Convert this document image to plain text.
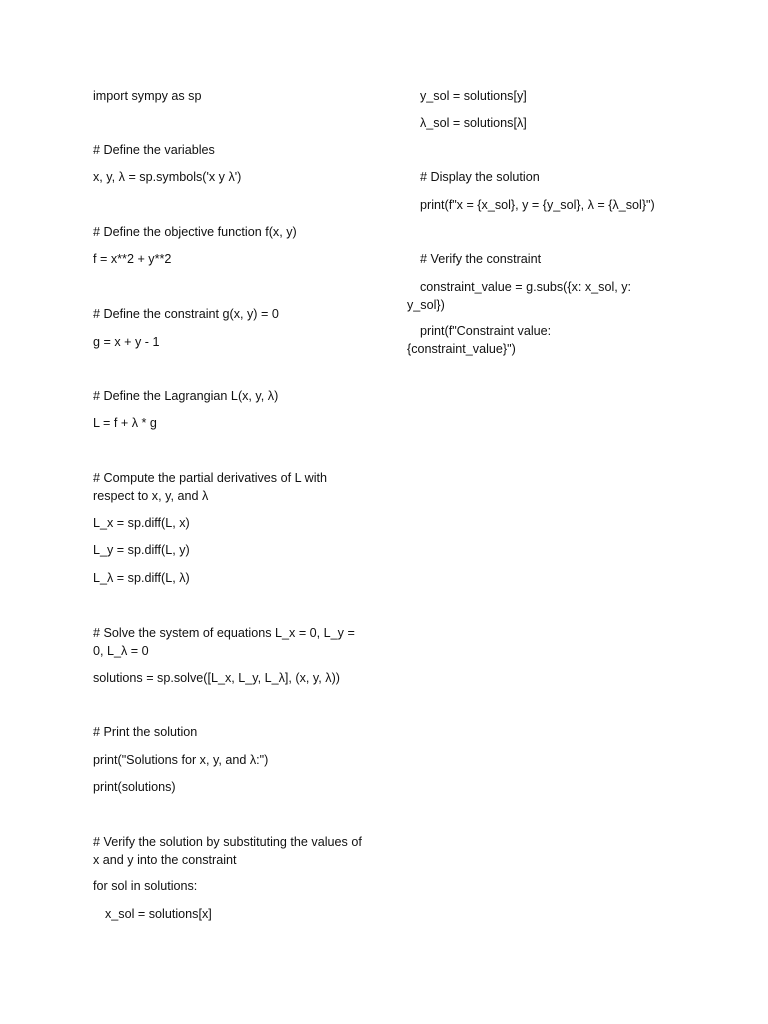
import sympy as sp

# Define the variables

x, y, λ = sp.symbols('x y λ')

# Define the objective function f(x, y)

f = x**2 + y**2

# Define the constraint g(x, y) = 0

g = x + y - 1

# Define the Lagrangian L(x, y, λ)

L = f + λ * g

# Compute the partial derivatives of L with respect to x, y, and λ

L_x = sp.diff(L, x)

L_y = sp.diff(L, y)

L_λ = sp.diff(L, λ)

# Solve the system of equations L_x = 0, L_y = 0, L_λ = 0

solutions = sp.solve([L_x, L_y, L_λ], (x, y, λ))

# Print the solution

print("Solutions for x, y, and λ:")

print(solutions)

# Verify the solution by substituting the values of x and y into the constraint

for sol in solutions:

x_sol = solutions[x]

y_sol = solutions[y]

λ_sol = solutions[λ]

# Display the solution

print(f"x = {x_sol}, y = {y_sol}, λ = {λ_sol}")

# Verify the constraint

constraint_value = g.subs({x: x_sol, y:

y_sol})

print(f"Constraint value:

{constraint_value}")
